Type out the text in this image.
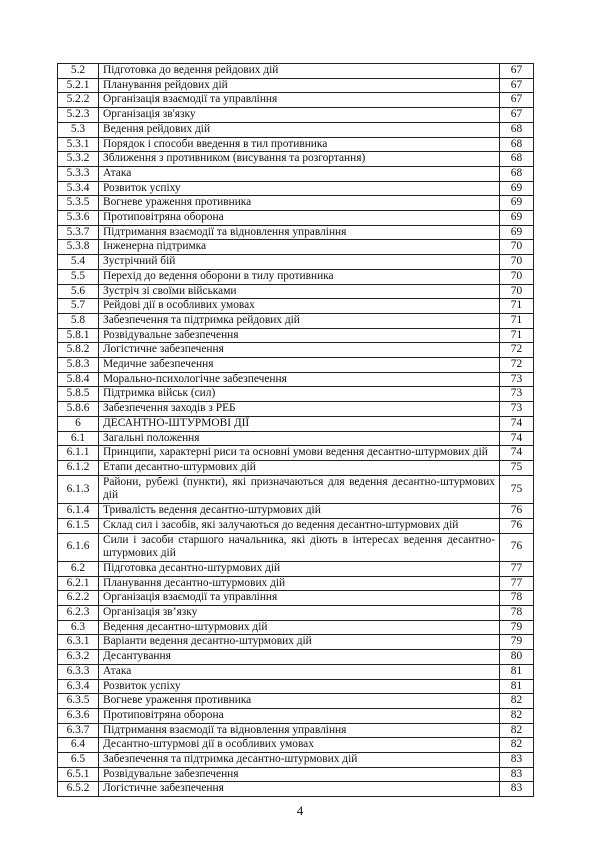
5.2	Підготовка до ведення рейдових дій	67
5.2.1	Планування рейдових дій	67
5.2.2	Організація взаємодії та управління	67
5.2.3	Організація зв'язку	67
5.3	Ведення рейдових дій	68
5.3.1	Порядок і способи введення в тил противника	68
5.3.2	Зближення з противником (висування та розгортання)	68
5.3.3	Атака	68
5.3.4	Розвиток успіху	69
5.3.5	Вогневе ураження противника	69
5.3.6	Протиповітряна оборона	69
5.3.7	Підтримання взаємодії та відновлення управління	69
5.3.8	Інженерна підтримка	70
5.4	Зустрічний бій	70
5.5	Перехід до ведення оборони в тилу противника	70
5.6	Зустріч зі своїми військами	70
5.7	Рейдові дії в особливих умовах	71
5.8	Забезпечення та підтримка рейдових дій	71
5.8.1	Розвідувальне забезпечення	71
5.8.2	Логістичне забезпечення	72
5.8.3	Медичне забезпечення	72
5.8.4	Морально-психологічне забезпечення	73
5.8.5	Підтримка військ (сил)	73
5.8.6	Забезпечення заходів з РЕБ	73
6	ДЕСАНТНО-ШТУРМОВІ ДІЇ	74
6.1	Загальні положення	74
6.1.1	Принципи, характерні риси та основні умови ведення десантно-штурмових дій	74
6.1.2	Етапи десантно-штурмових дій	75
6.1.3	Райони, рубежі (пункти), які призначаються для ведення десантно-штурмових дій	75
6.1.4	Тривалість ведення десантно-штурмових дій	76
6.1.5	Склад сил і засобів, які залучаються до ведення десантно-штурмових дій	76
6.1.6	Сили і засоби старшого начальника, які діють в інтересах ведення десантно-штурмових дій	76
6.2	Підготовка десантно-штурмових дій	77
6.2.1	Планування десантно-штурмових дій	77
6.2.2	Організація взаємодії та управління	78
6.2.3	Організація зв’язку	78
6.3	Ведення десантно-штурмових дій	79
6.3.1	Варіанти ведення десантно-штурмових дій	79
6.3.2	Десантування	80
6.3.3	Атака	81
6.3.4	Розвиток успіху	81
6.3.5	Вогневе ураження противника	82
6.3.6	Протиповітряна оборона	82
6.3.7	Підтримання взаємодії та відновлення управління	82
6.4	Десантно-штурмові дії в особливих умовах	82
6.5	Забезпечення та підтримка десантно-штурмових дій	83
6.5.1	Розвідувальне забезпечення	83
6.5.2	Логістичне забезпечення	83
4
